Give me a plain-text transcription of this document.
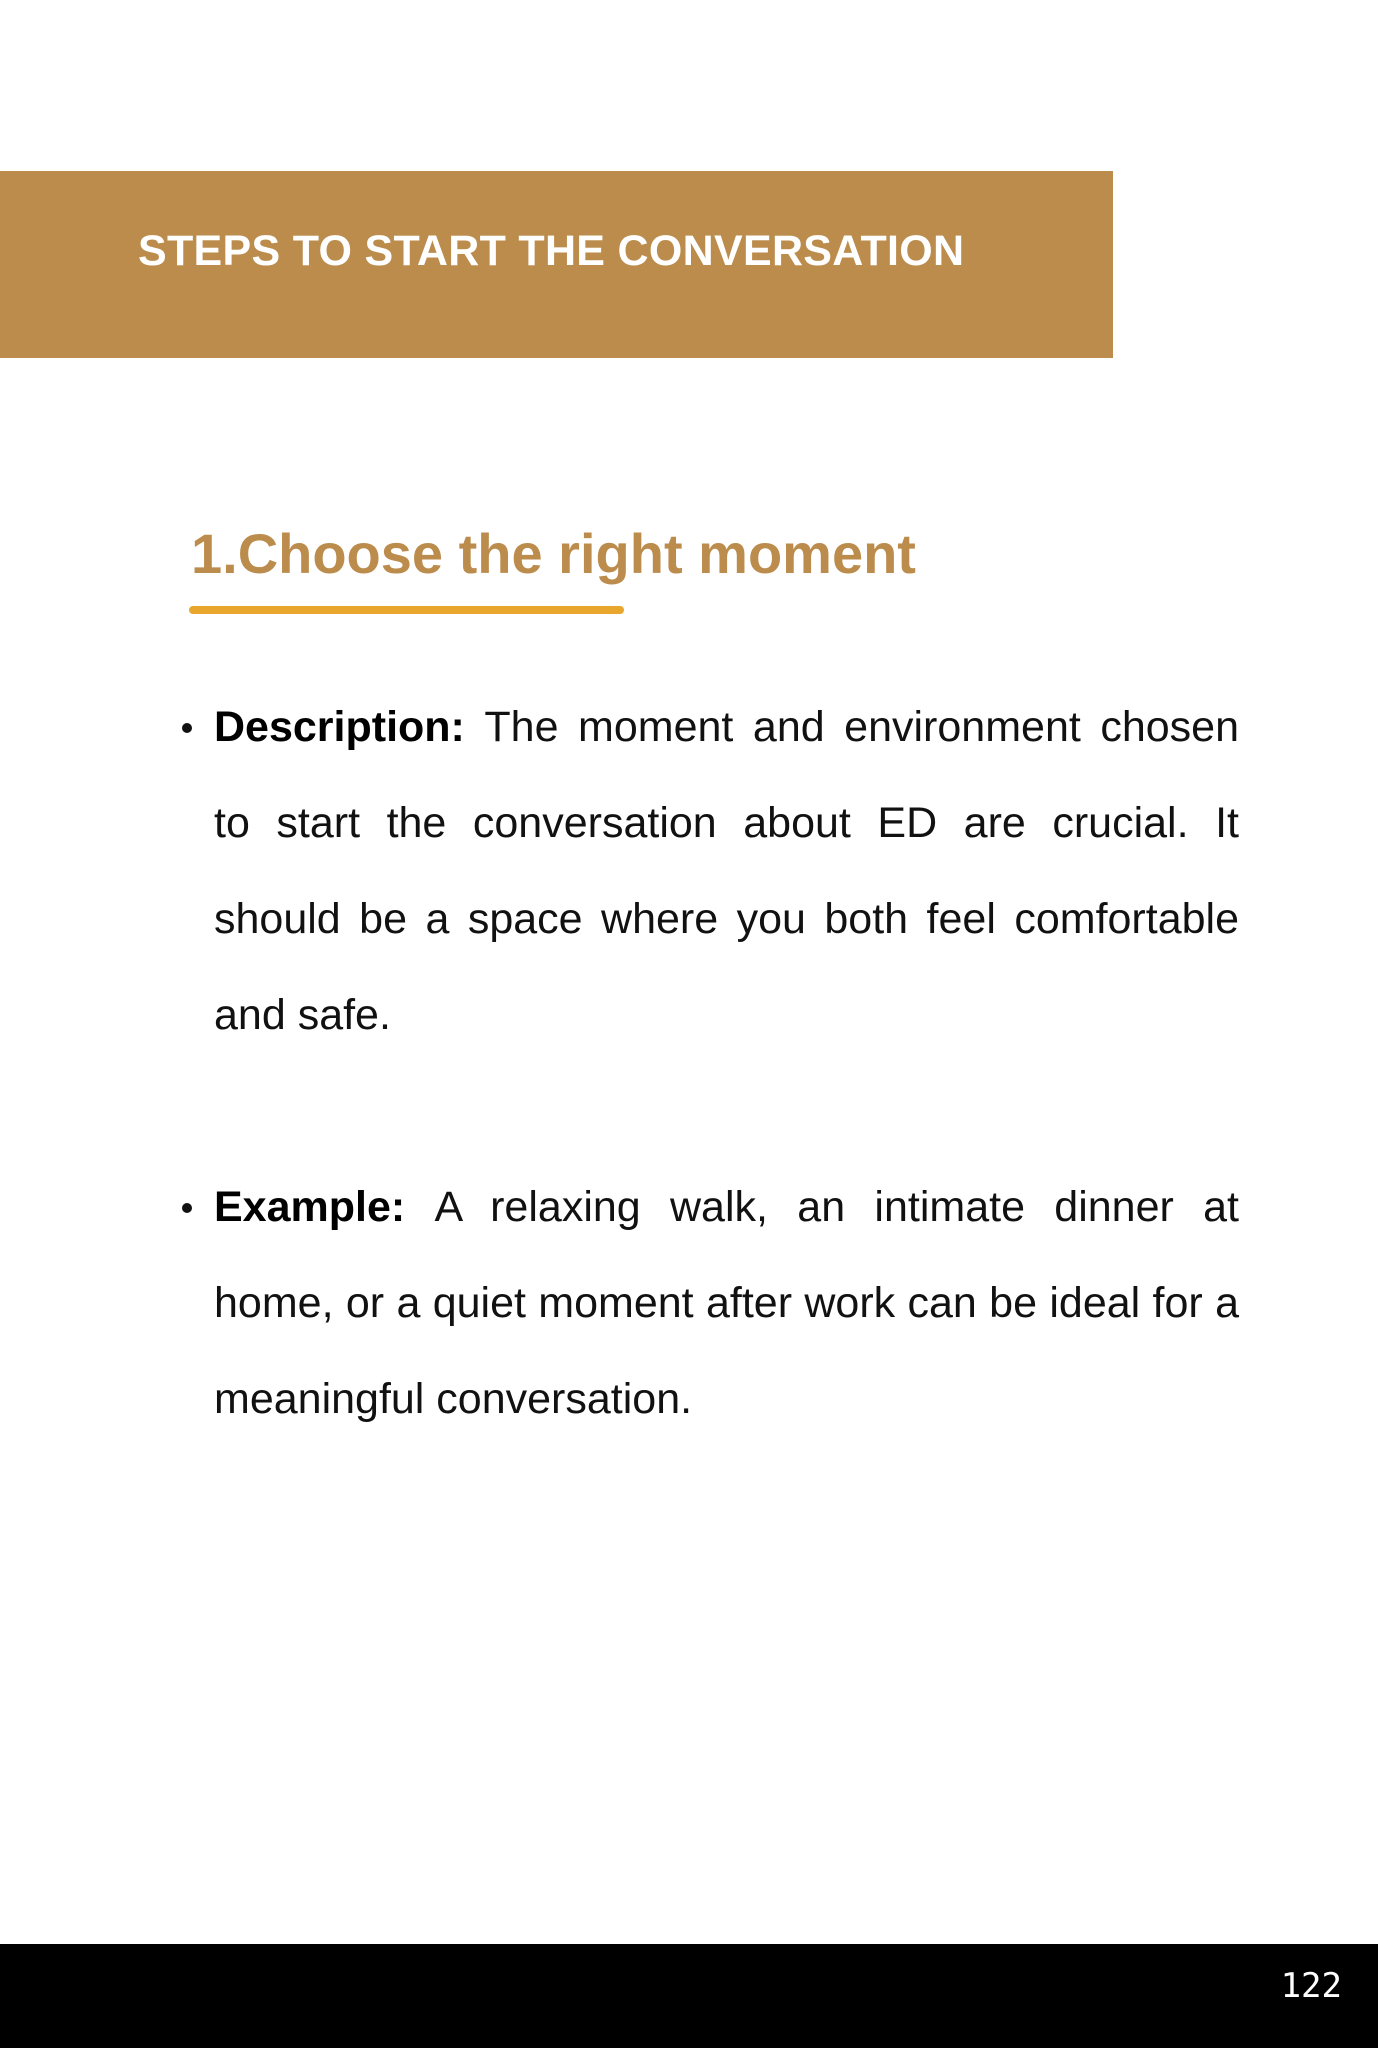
STEPS TO START THE CONVERSATION
1.Choose the right moment
Description: The moment and environment chosen to start the conversation about ED are crucial. It should be a space where you both feel comfortable and safe.
Example: A relaxing walk, an intimate dinner at home, or a quiet moment after work can be ideal for a meaningful conversation.
122
